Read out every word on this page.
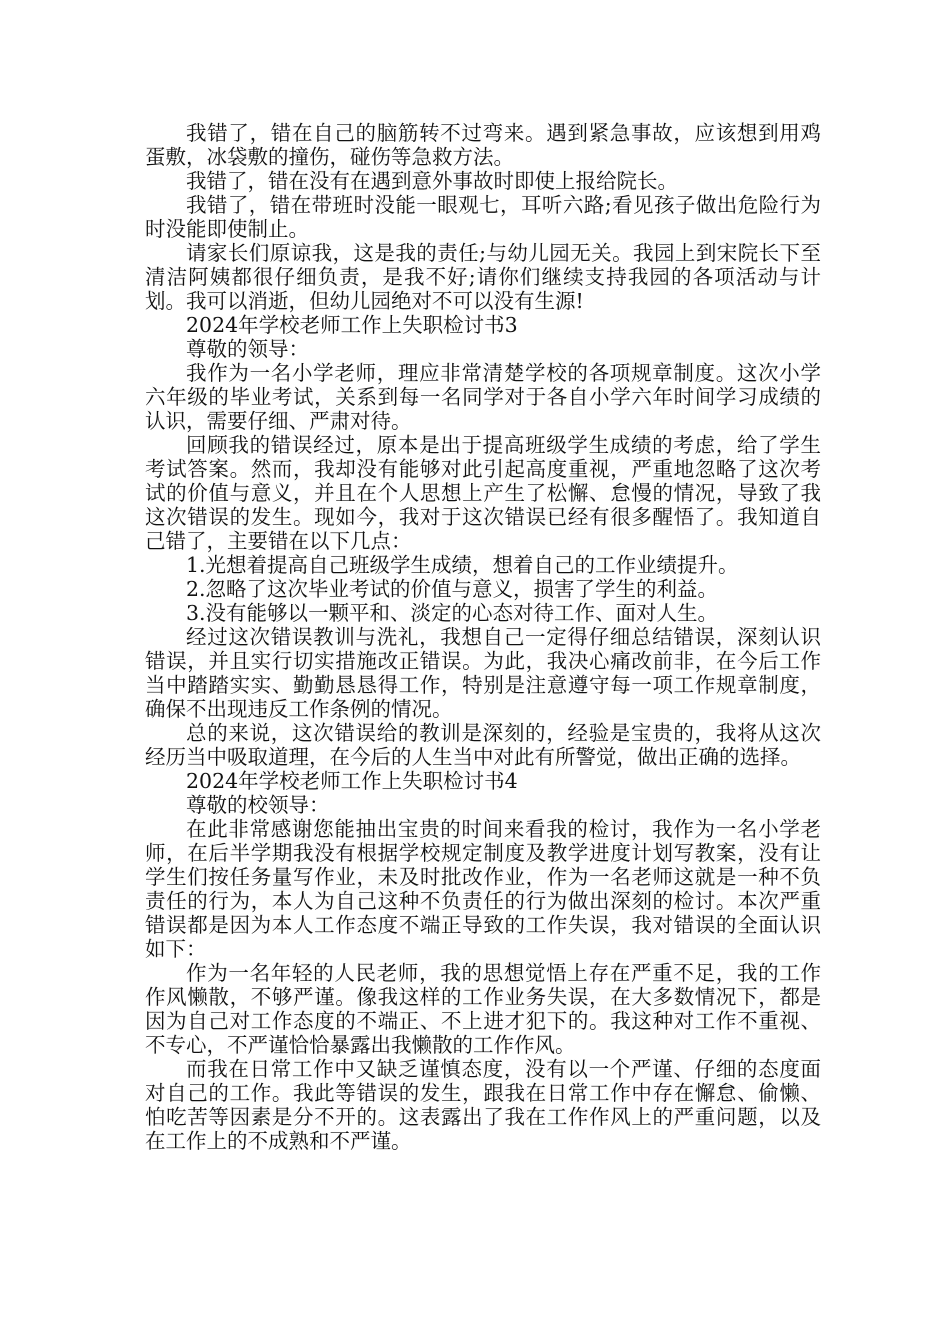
我错了，错在自己的脑筋转不过弯来。遇到紧急事故，应该想到用鸡蛋敷，冰袋敷的撞伤，碰伤等急救方法。

我错了，错在没有在遇到意外事故时即使上报给院长。

我错了，错在带班时没能一眼观七，耳听六路;看见孩子做出危险行为时没能即使制止。

请家长们原谅我，这是我的责任;与幼儿园无关。我园上到宋院长下至清洁阿姨都很仔细负责，是我不好;请你们继续支持我园的各项活动与计划。我可以消逝，但幼儿园绝对不可以没有生源!

2024年学校老师工作上失职检讨书3

尊敬的领导：

我作为一名小学老师，理应非常清楚学校的各项规章制度。这次小学六年级的毕业考试，关系到每一名同学对于各自小学六年时间学习成绩的认识，需要仔细、严肃对待。

回顾我的错误经过，原本是出于提高班级学生成绩的考虑，给了学生考试答案。然而，我却没有能够对此引起高度重视，严重地忽略了这次考试的价值与意义，并且在个人思想上产生了松懈、怠慢的情况，导致了我这次错误的发生。现如今，我对于这次错误已经有很多醒悟了。我知道自己错了，主要错在以下几点：

1.光想着提高自己班级学生成绩，想着自己的工作业绩提升。

2.忽略了这次毕业考试的价值与意义，损害了学生的利益。

3.没有能够以一颗平和、淡定的心态对待工作、面对人生。

经过这次错误教训与洗礼，我想自己一定得仔细总结错误，深刻认识错误，并且实行切实措施改正错误。为此，我决心痛改前非，在今后工作当中踏踏实实、勤勤恳恳得工作，特别是注意遵守每一项工作规章制度，确保不出现违反工作条例的情况。

总的来说，这次错误给的教训是深刻的，经验是宝贵的，我将从这次经历当中吸取道理，在今后的人生当中对此有所警觉，做出正确的选择。

2024年学校老师工作上失职检讨书4

尊敬的校领导：

在此非常感谢您能抽出宝贵的时间来看我的检讨，我作为一名小学老师，在后半学期我没有根据学校规定制度及教学进度计划写教案，没有让学生们按任务量写作业，未及时批改作业，作为一名老师这就是一种不负责任的行为，本人为自己这种不负责任的行为做出深刻的检讨。本次严重错误都是因为本人工作态度不端正导致的工作失误，我对错误的全面认识如下：

作为一名年轻的人民老师，我的思想觉悟上存在严重不足，我的工作作风懒散，不够严谨。像我这样的工作业务失误，在大多数情况下，都是因为自己对工作态度的不端正、不上进才犯下的。我这种对工作不重视、不专心，不严谨恰恰暴露出我懒散的工作作风。

而我在日常工作中又缺乏谨慎态度，没有以一个严谨、仔细的态度面对自己的工作。我此等错误的发生，跟我在日常工作中存在懈怠、偷懒、怕吃苦等因素是分不开的。这表露出了我在工作作风上的严重问题，以及在工作上的不成熟和不严谨。
